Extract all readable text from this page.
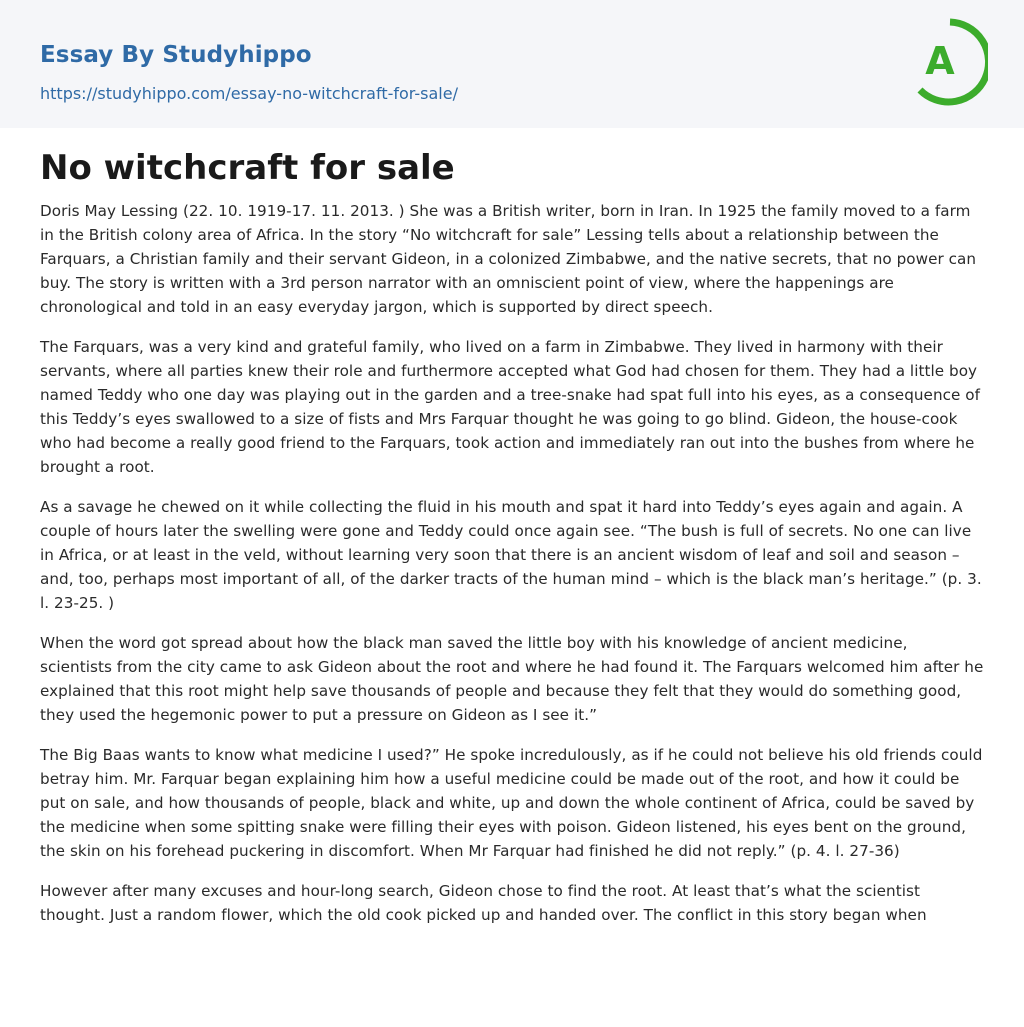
Essay By Studyhippo
https://studyhippo.com/essay-no-witchcraft-for-sale/
A
No witchcraft for sale

Doris May Lessing (22. 10. 1919-17. 11. 2013. ) She was a British writer, born in Iran. In 1925 the family moved to a farm in the British colony area of Africa. In the story “No witchcraft for sale” Lessing tells about a relationship between the Farquars, a Christian family and their servant Gideon, in a colonized Zimbabwe, and the native secrets, that no power can buy. The story is written with a 3rd person narrator with an omniscient point of view, where the happenings are chronological and told in an easy everyday jargon, which is supported by direct speech.

The Farquars, was a very kind and grateful family, who lived on a farm in Zimbabwe. They lived in harmony with their servants, where all parties knew their role and furthermore accepted what God had chosen for them. They had a little boy named Teddy who one day was playing out in the garden and a tree-snake had spat full into his eyes, as a consequence of this Teddy’s eyes swallowed to a size of fists and Mrs Farquar thought he was going to go blind. Gideon, the house-cook who had become a really good friend to the Farquars, took action and immediately ran out into the bushes from where he brought a root.

As a savage he chewed on it while collecting the fluid in his mouth and spat it hard into Teddy’s eyes again and again. A couple of hours later the swelling were gone and Teddy could once again see. “The bush is full of secrets. No one can live in Africa, or at least in the veld, without learning very soon that there is an ancient wisdom of leaf and soil and season – and, too, perhaps most important of all, of the darker tracts of the human mind – which is the black man’s heritage.” (p. 3. l. 23-25. )

When the word got spread about how the black man saved the little boy with his knowledge of ancient medicine, scientists from the city came to ask Gideon about the root and where he had found it. The Farquars welcomed him after he explained that this root might help save thousands of people and because they felt that they would do something good, they used the hegemonic power to put a pressure on Gideon as I see it.”

The Big Baas wants to know what medicine I used?” He spoke incredulously, as if he could not believe his old friends could betray him. Mr. Farquar began explaining him how a useful medicine could be made out of the root, and how it could be put on sale, and how thousands of people, black and white, up and down the whole continent of Africa, could be saved by the medicine when some spitting snake were filling their eyes with poison. Gideon listened, his eyes bent on the ground, the skin on his forehead puckering in discomfort. When Mr Farquar had finished he did not reply.” (p. 4. l. 27-36)

However after many excuses and hour-long search, Gideon chose to find the root. At least that’s what the scientist thought. Just a random flower, which the old cook picked up and handed over. The conflict in this story began when
